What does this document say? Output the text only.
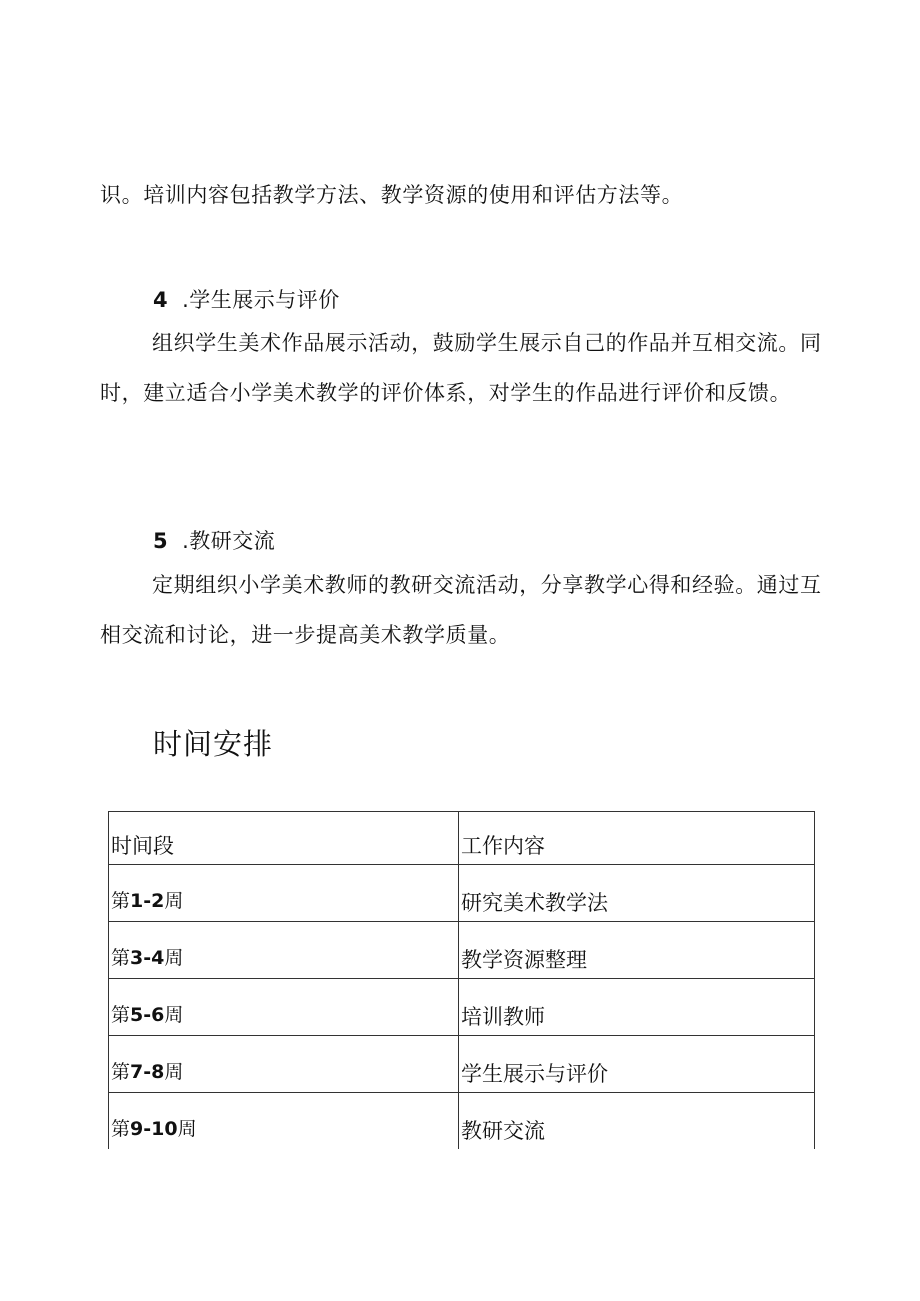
识。培训内容包括教学方法、教学资源的使用和评估方法等。

4 .学生展示与评价

组织学生美术作品展示活动，鼓励学生展示自己的作品并互相交流。同时，建立适合小学美术教学的评价体系，对学生的作品进行评价和反馈。

5 .教研交流

定期组织小学美术教师的教研交流活动，分享教学心得和经验。通过互相交流和讨论，进一步提高美术教学质量。

时间安排
时间段	工作内容
第1-2周	研究美术教学法
第3-4周	教学资源整理
第5-6周	培训教师
第7-8周	学生展示与评价
第9-10周	教研交流
